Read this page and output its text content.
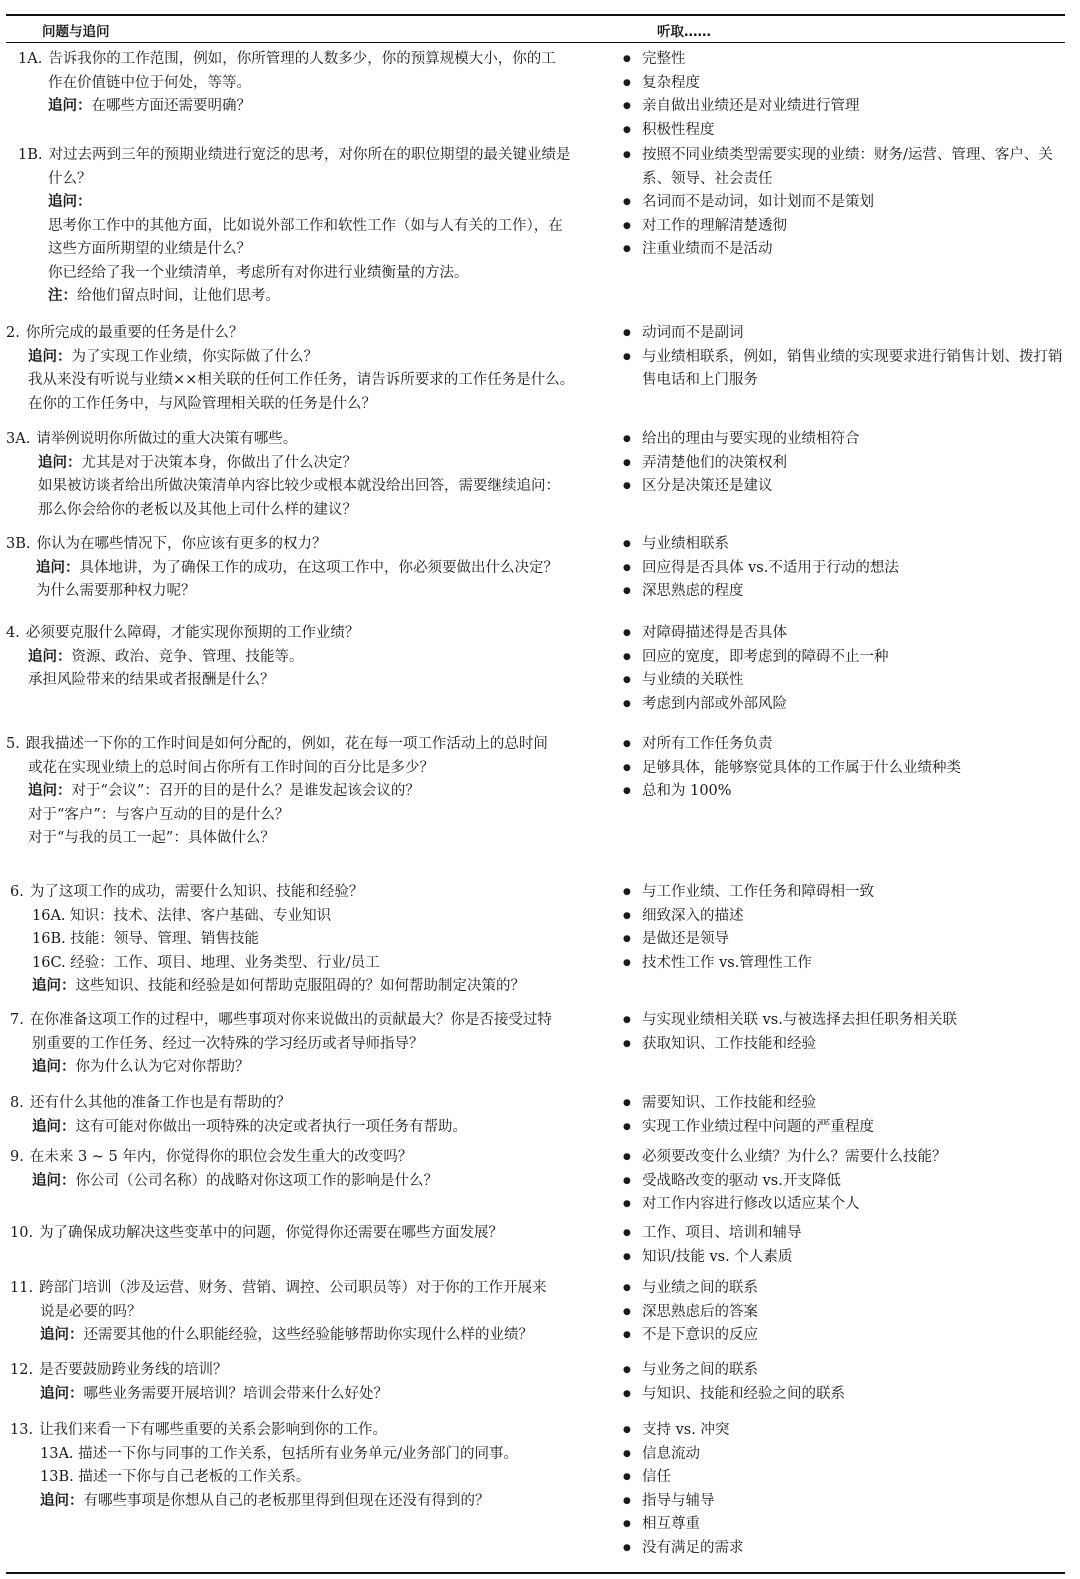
问题与追问	听取……
1A. 告诉我你的工作范围，例如，你所管理的人数多少，你的预算规模大小，你的工
作在价值链中位于何处，等等。
追问：在哪些方面还需要明确？
● 完整性
● 复杂程度
● 亲自做出业绩还是对业绩进行管理
● 积极性程度
1B. 对过去两到三年的预期业绩进行宽泛的思考，对你所在的职位期望的最关键业绩是
什么？
追问：
思考你工作中的其他方面，比如说外部工作和软性工作（如与人有关的工作），在
这些方面所期望的业绩是什么？
你已经给了我一个业绩清单，考虑所有对你进行业绩衡量的方法。
注：给他们留点时间，让他们思考。
● 按照不同业绩类型需要实现的业绩：财务/运营、管理、客户、关系、领导、社会责任
● 名词而不是动词，如计划而不是策划
● 对工作的理解清楚透彻
● 注重业绩而不是活动
2. 你所完成的最重要的任务是什么？
追问：为了实现工作业绩，你实际做了什么？
我从来没有听说与业绩××相关联的任何工作任务，请告诉所要求的工作任务是什么。
在你的工作任务中，与风险管理相关联的任务是什么？
● 动词而不是副词
● 与业绩相联系，例如，销售业绩的实现要求进行销售计划、拨打销售电话和上门服务
3A. 请举例说明你所做过的重大决策有哪些。
追问：尤其是对于决策本身，你做出了什么决定？
如果被访谈者给出所做决策清单内容比较少或根本就没给出回答，需要继续追问：
那么你会给你的老板以及其他上司什么样的建议？
● 给出的理由与要实现的业绩相符合
● 弄清楚他们的决策权利
● 区分是决策还是建议
3B. 你认为在哪些情况下，你应该有更多的权力？
追问：具体地讲，为了确保工作的成功，在这项工作中，你必须要做出什么决定？
为什么需要那种权力呢？
● 与业绩相联系
● 回应得是否具体 vs.不适用于行动的想法
● 深思熟虑的程度
4. 必须要克服什么障碍，才能实现你预期的工作业绩？
追问：资源、政治、竞争、管理、技能等。
承担风险带来的结果或者报酬是什么？
● 对障碍描述得是否具体
● 回应的宽度，即考虑到的障碍不止一种
● 与业绩的关联性
● 考虑到内部或外部风险
5. 跟我描述一下你的工作时间是如何分配的，例如，花在每一项工作活动上的总时间
或花在实现业绩上的总时间占你所有工作时间的百分比是多少？
追问：对于“会议”：召开的目的是什么？是谁发起该会议的？
对于“客户”：与客户互动的目的是什么？
对于“与我的员工一起”：具体做什么？
● 对所有工作任务负责
● 足够具体，能够察觉具体的工作属于什么业绩种类
● 总和为 100%
6. 为了这项工作的成功，需要什么知识、技能和经验？
16A. 知识：技术、法律、客户基础、专业知识
16B. 技能：领导、管理、销售技能
16C. 经验：工作、项目、地理、业务类型、行业/员工
追问：这些知识、技能和经验是如何帮助克服阻碍的？如何帮助制定决策的？
● 与工作业绩、工作任务和障碍相一致
● 细致深入的描述
● 是做还是领导
● 技术性工作 vs.管理性工作
7. 在你准备这项工作的过程中，哪些事项对你来说做出的贡献最大？你是否接受过特
别重要的工作任务、经过一次特殊的学习经历或者导师指导？
追问：你为什么认为它对你帮助？
● 与实现业绩相关联 vs.与被选择去担任职务相关联
● 获取知识、工作技能和经验
8. 还有什么其他的准备工作也是有帮助的？
追问：这有可能对你做出一项特殊的决定或者执行一项任务有帮助。
● 需要知识、工作技能和经验
● 实现工作业绩过程中问题的严重程度
9. 在未来 3 ~ 5 年内，你觉得你的职位会发生重大的改变吗？
追问：你公司（公司名称）的战略对你这项工作的影响是什么？
● 必须要改变什么业绩？为什么？需要什么技能？
● 受战略改变的驱动 vs.开支降低
● 对工作内容进行修改以适应某个人
10. 为了确保成功解决这些变革中的问题，你觉得你还需要在哪些方面发展？	● 工作、项目、培训和辅导
● 知识/技能 vs. 个人素质
11. 跨部门培训（涉及运营、财务、营销、调控、公司职员等）对于你的工作开展来
说是必要的吗？
追问：还需要其他的什么职能经验，这些经验能够帮助你实现什么样的业绩？
● 与业绩之间的联系
● 深思熟虑后的答案
● 不是下意识的反应
12. 是否要鼓励跨业务线的培训？
追问：哪些业务需要开展培训？培训会带来什么好处？
● 与业务之间的联系
● 与知识、技能和经验之间的联系
13. 让我们来看一下有哪些重要的关系会影响到你的工作。
13A. 描述一下你与同事的工作关系，包括所有业务单元/业务部门的同事。
13B. 描述一下你与自己老板的工作关系。
追问：有哪些事项是你想从自己的老板那里得到但现在还没有得到的？
● 支持 vs. 冲突
● 信息流动
● 信任
● 指导与辅导
● 相互尊重
● 没有满足的需求
